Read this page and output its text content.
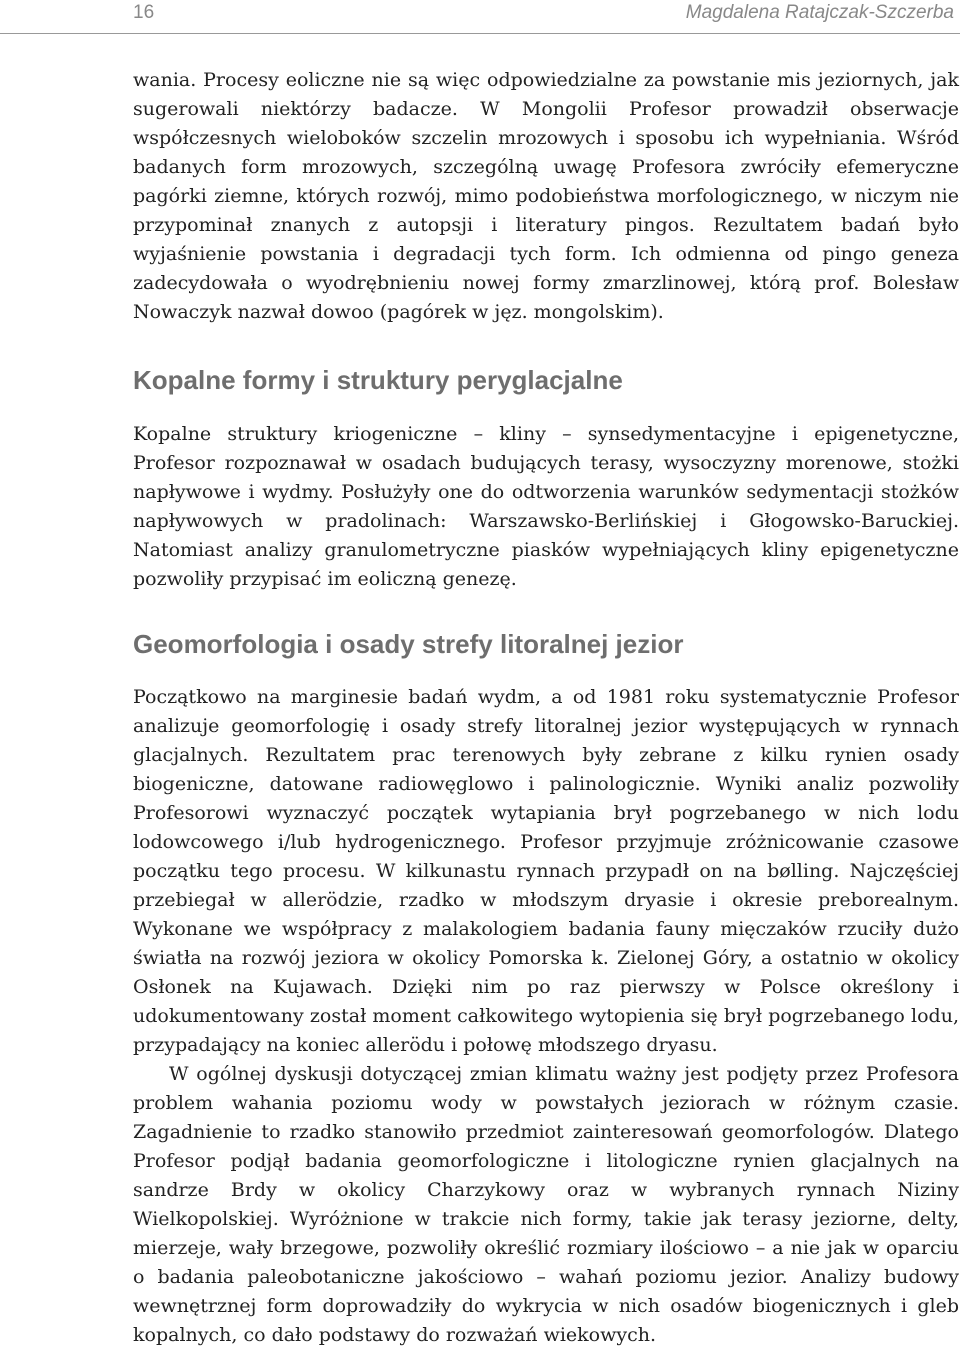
16	Magdalena Ratajczak-Szczerba

wania. Procesy eoliczne nie są więc odpowiedzialne za powstanie mis jeziornych, jak sugerowali niektórzy badacze. W Mongolii Profesor prowadził obserwacje współczesnych wieloboków szczelin mrozowych i sposobu ich wypełniania. Wśród badanych form mrozowych, szczególną uwagę Profesora zwróciły efemeryczne pagórki ziemne, których rozwój, mimo podobieństwa morfologicznego, w niczym nie przypominał znanych z autopsji i literatury pingos. Rezultatem badań było wyjaśnienie powstania i degradacji tych form. Ich odmienna od pingo geneza zadecydowała o wyodrębnieniu nowej formy zmarzlinowej, którą prof. Bolesław Nowaczyk nazwał dowoo (pagórek w jęz. mongolskim).

Kopalne formy i struktury peryglacjalne

Kopalne struktury kriogeniczne – kliny – synsedymentacyjne i epigenetyczne, Profesor rozpoznawał w osadach budujących terasy, wysoczyzny morenowe, stożki napływowe i wydmy. Posłużyły one do odtworzenia warunków sedymentacji stożków napływowych w pradolinach: Warszawsko-Berlińskiej i Głogowsko-Baruckiej. Natomiast analizy granulometryczne piasków wypełniających kliny epigenetyczne pozwoliły przypisać im eoliczną genezę.

Geomorfologia i osady strefy litoralnej jezior

Początkowo na marginesie badań wydm, a od 1981 roku systematycznie Profesor analizuje geomorfologię i osady strefy litoralnej jezior występujących w rynnach glacjalnych. Rezultatem prac terenowych były zebrane z kilku rynien osady biogeniczne, datowane radiowęglowo i palinologicznie. Wyniki analiz pozwoliły Profesorowi wyznaczyć początek wytapiania brył pogrzebanego w nich lodu lodowcowego i/lub hydrogenicznego. Profesor przyjmuje zróżnicowanie czasowe początku tego procesu. W kilkunastu rynnach przypadł on na bølling. Najczęściej przebiegał w allerödzie, rzadko w młodszym dryasie i okresie preborealnym. Wykonane we współpracy z malakologiem badania fauny mięczaków rzuciły dużo światła na rozwój jeziora w okolicy Pomorska k. Zielonej Góry, a ostatnio w okolicy Osłonek na Kujawach. Dzięki nim po raz pierwszy w Polsce określony i udokumentowany został moment całkowitego wytopienia się brył pogrzebanego lodu, przypadający na koniec allerödu i połowę młodszego dryasu.

W ogólnej dyskusji dotyczącej zmian klimatu ważny jest podjęty przez Profesora problem wahania poziomu wody w powstałych jeziorach w różnym czasie. Zagadnienie to rzadko stanowiło przedmiot zainteresowań geomorfologów. Dlatego Profesor podjął badania geomorfologiczne i litologiczne rynien glacjalnych na sandrze Brdy w okolicy Charzykowy oraz w wybranych rynnach Niziny Wielkopolskiej. Wyróżnione w trakcie nich formy, takie jak terasy jeziorne, delty, mierzeje, wały brzegowe, pozwoliły określić rozmiary ilościowo – a nie jak w oparciu o badania paleobotaniczne jakościowo – wahań poziomu jezior. Analizy budowy wewnętrznej form doprowadziły do wykrycia w nich osadów biogenicznych i gleb kopalnych, co dało podstawy do rozważań wiekowych.
